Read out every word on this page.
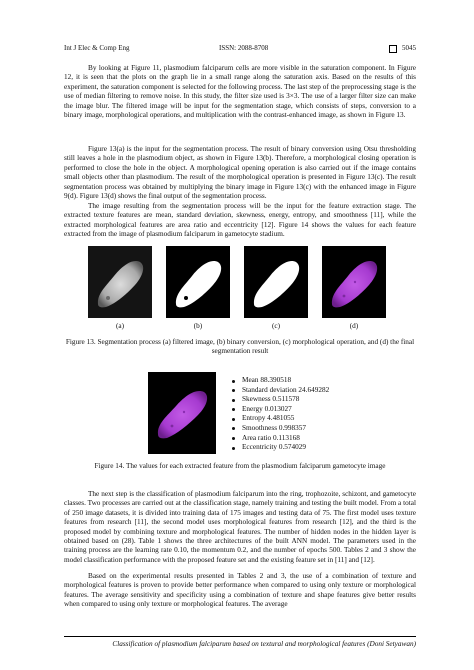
Int J Elec & Comp Eng	ISSN: 2088-8708	5045

By looking at Figure 11, plasmodium falciparum cells are more visible in the saturation component. In Figure 12, it is seen that the plots on the graph lie in a small range along the saturation axis. Based on the results of this experiment, the saturation component is selected for the following process. The last step of the preprocessing stage is the use of median filtering to remove noise. In this study, the filter size used is 3×3. The use of a larger filter size can make the image blur. The filtered image will be input for the segmentation stage, which consists of steps, conversion to a binary image, morphological operations, and multiplication with the contrast-enhanced image, as shown in Figure 13.

Figure 13(a) is the input for the segmentation process. The result of binary conversion using Otsu thresholding still leaves a hole in the plasmodium object, as shown in Figure 13(b). Therefore, a morphological closing operation is performed to close the hole in the object. A morphological opening operation is also carried out if the image contains small objects other than plasmodium. The result of the morphological operation is presented in Figure 13(c). The result segmentation process was obtained by multiplying the binary image in Figure 13(c) with the enhanced image in Figure 9(d). Figure 13(d) shows the final output of the segmentation process.

The image resulting from the segmentation process will be the input for the feature extraction stage. The extracted texture features are mean, standard deviation, skewness, energy, entropy, and smoothness [11], while the extracted morphological features are area ratio and eccentricity [12]. Figure 14 shows the values for each feature extracted from the image of plasmodium falciparum in gametocyte stadium.

(a)	(b)	(c)	(d)

Figure 13. Segmentation process (a) filtered image, (b) binary conversion, (c) morphological operation, and (d) the final segmentation result

Mean 88.390518
Standard deviation 24.649282
Skewness 0.511578
Energy 0.013027
Entropy 4.481055
Smoothness 0.998357
Area ratio 0.113168
Eccentricity 0.574029

Figure 14. The values for each extracted feature from the plasmodium falciparum gametocyte image

The next step is the classification of plasmodium falciparum into the ring, trophozoite, schizont, and gametocyte classes. Two processes are carried out at the classification stage, namely training and testing the built model. From a total of 250 image datasets, it is divided into training data of 175 images and testing data of 75. The first model uses texture features from research [11], the second model uses morphological features from research [12], and the third is the proposed model by combining texture and morphological features. The number of hidden nodes in the hidden layer is obtained based on (28). Table 1 shows the three architectures of the built ANN model. The parameters used in the training process are the learning rate 0.10, the momentum 0.2, and the number of epochs 500. Tables 2 and 3 show the model classification performance with the proposed feature set and the existing feature set in [11] and [12].

Based on the experimental results presented in Tables 2 and 3, the use of a combination of texture and morphological features is proven to provide better performance when compared to using only texture or morphological features. The average sensitivity and specificity using a combination of texture and shape features give better results when compared to using only texture or morphological features. The average

Classification of plasmodium falciparum based on textural and morphological features (Doni Setyawan)
